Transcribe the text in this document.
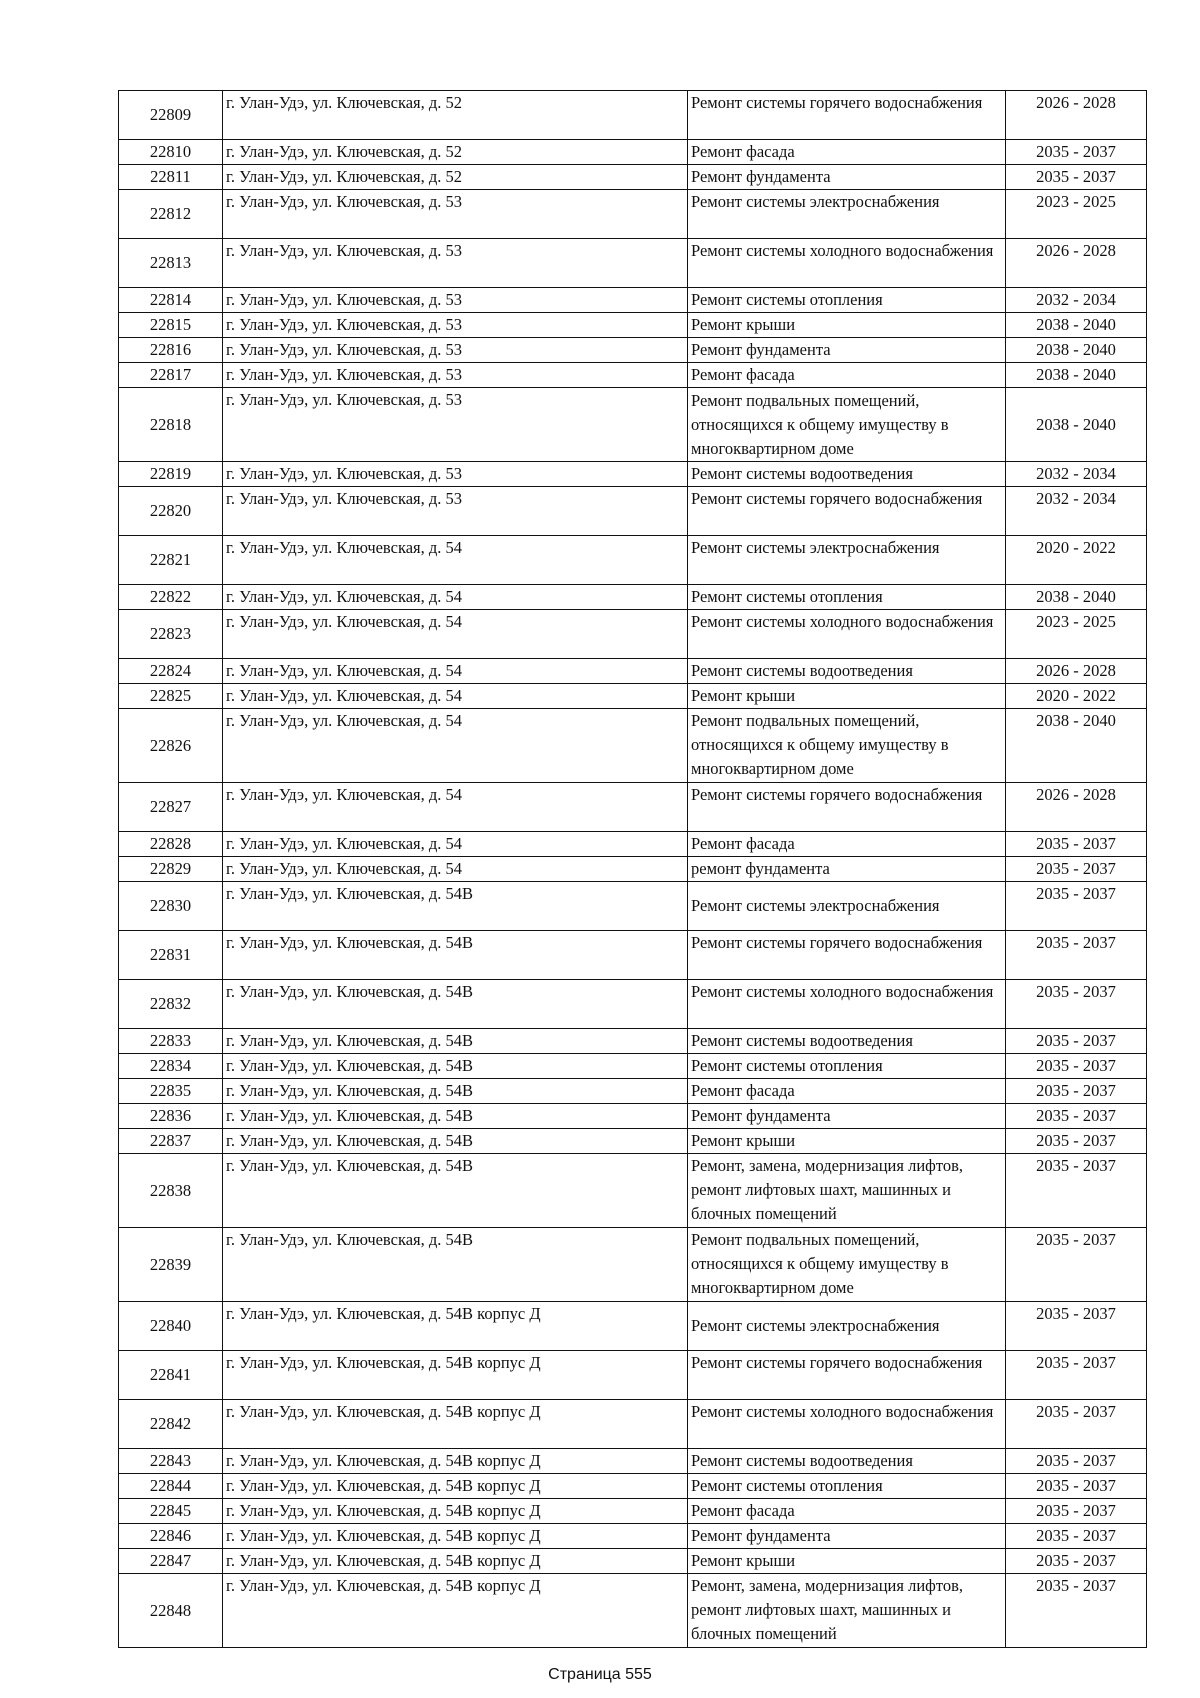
22809	г. Улан-Удэ, ул. Ключевская, д. 52	Ремонт системы горячего водоснабжения	2026 - 2028
22810	г. Улан-Удэ, ул. Ключевская, д. 52	Ремонт фасада	2035 - 2037
22811	г. Улан-Удэ, ул. Ключевская, д. 52	Ремонт фундамента	2035 - 2037
22812	г. Улан-Удэ, ул. Ключевская, д. 53	Ремонт системы электроснабжения	2023 - 2025
22813	г. Улан-Удэ, ул. Ключевская, д. 53	Ремонт системы холодного водоснабжения	2026 - 2028
22814	г. Улан-Удэ, ул. Ключевская, д. 53	Ремонт системы отопления	2032 - 2034
22815	г. Улан-Удэ, ул. Ключевская, д. 53	Ремонт крыши	2038 - 2040
22816	г. Улан-Удэ, ул. Ключевская, д. 53	Ремонт фундамента	2038 - 2040
22817	г. Улан-Удэ, ул. Ключевская, д. 53	Ремонт фасада	2038 - 2040
22818	г. Улан-Удэ, ул. Ключевская, д. 53	Ремонт подвальных помещений, относящихся к общему имуществу в многоквартирном доме	2038 - 2040
22819	г. Улан-Удэ, ул. Ключевская, д. 53	Ремонт системы водоотведения	2032 - 2034
22820	г. Улан-Удэ, ул. Ключевская, д. 53	Ремонт системы горячего водоснабжения	2032 - 2034
22821	г. Улан-Удэ, ул. Ключевская, д. 54	Ремонт системы электроснабжения	2020 - 2022
22822	г. Улан-Удэ, ул. Ключевская, д. 54	Ремонт системы отопления	2038 - 2040
22823	г. Улан-Удэ, ул. Ключевская, д. 54	Ремонт системы холодного водоснабжения	2023 - 2025
22824	г. Улан-Удэ, ул. Ключевская, д. 54	Ремонт системы водоотведения	2026 - 2028
22825	г. Улан-Удэ, ул. Ключевская, д. 54	Ремонт крыши	2020 - 2022
22826	г. Улан-Удэ, ул. Ключевская, д. 54	Ремонт подвальных помещений, относящихся к общему имуществу в многоквартирном доме	2038 - 2040
22827	г. Улан-Удэ, ул. Ключевская, д. 54	Ремонт системы горячего водоснабжения	2026 - 2028
22828	г. Улан-Удэ, ул. Ключевская, д. 54	Ремонт фасада	2035 - 2037
22829	г. Улан-Удэ, ул. Ключевская, д. 54	ремонт фундамента	2035 - 2037
22830	г. Улан-Удэ, ул. Ключевская, д. 54В	Ремонт системы электроснабжения	2035 - 2037
22831	г. Улан-Удэ, ул. Ключевская, д. 54В	Ремонт системы горячего водоснабжения	2035 - 2037
22832	г. Улан-Удэ, ул. Ключевская, д. 54В	Ремонт системы холодного водоснабжения	2035 - 2037
22833	г. Улан-Удэ, ул. Ключевская, д. 54В	Ремонт системы водоотведения	2035 - 2037
22834	г. Улан-Удэ, ул. Ключевская, д. 54В	Ремонт системы отопления	2035 - 2037
22835	г. Улан-Удэ, ул. Ключевская, д. 54В	Ремонт фасада	2035 - 2037
22836	г. Улан-Удэ, ул. Ключевская, д. 54В	Ремонт фундамента	2035 - 2037
22837	г. Улан-Удэ, ул. Ключевская, д. 54В	Ремонт крыши	2035 - 2037
22838	г. Улан-Удэ, ул. Ключевская, д. 54В	Ремонт, замена, модернизация лифтов, ремонт лифтовых шахт, машинных и блочных помещений	2035 - 2037
22839	г. Улан-Удэ, ул. Ключевская, д. 54В	Ремонт подвальных помещений, относящихся к общему имуществу в многоквартирном доме	2035 - 2037
22840	г. Улан-Удэ, ул. Ключевская, д. 54В корпус Д	Ремонт системы электроснабжения	2035 - 2037
22841	г. Улан-Удэ, ул. Ключевская, д. 54В корпус Д	Ремонт системы горячего водоснабжения	2035 - 2037
22842	г. Улан-Удэ, ул. Ключевская, д. 54В корпус Д	Ремонт системы холодного водоснабжения	2035 - 2037
22843	г. Улан-Удэ, ул. Ключевская, д. 54В корпус Д	Ремонт системы водоотведения	2035 - 2037
22844	г. Улан-Удэ, ул. Ключевская, д. 54В корпус Д	Ремонт системы отопления	2035 - 2037
22845	г. Улан-Удэ, ул. Ключевская, д. 54В корпус Д	Ремонт фасада	2035 - 2037
22846	г. Улан-Удэ, ул. Ключевская, д. 54В корпус Д	Ремонт фундамента	2035 - 2037
22847	г. Улан-Удэ, ул. Ключевская, д. 54В корпус Д	Ремонт крыши	2035 - 2037
22848	г. Улан-Удэ, ул. Ключевская, д. 54В корпус Д	Ремонт, замена, модернизация лифтов, ремонт лифтовых шахт, машинных и блочных помещений	2035 - 2037
Страница 555
